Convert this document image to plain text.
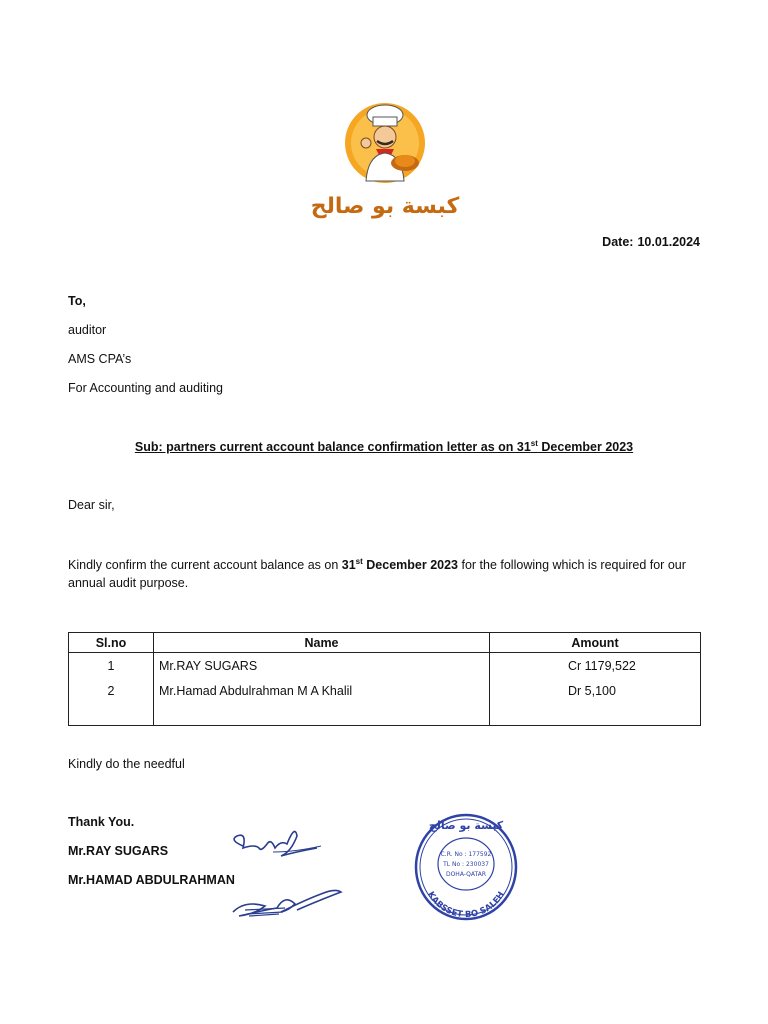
كبسة بو صالح
Date: 10.01.2024
To,
auditor
AMS CPA’s
For Accounting and auditing
Sub: partners current account balance confirmation letter as on 31st December 2023
Dear sir,
Kindly confirm the current account balance as on 31st December 2023 for the following which is required for our annual audit purpose.
Sl.no	Name	Amount
1	Mr.RAY SUGARS	Cr 1179,522
2	Mr.Hamad Abdulrahman M A Khalil	Dr 5,100

Kindly do the needful
Thank You.
Mr.RAY SUGARS
Mr.HAMAD ABDULRAHMAN
كبسة بو صالح
C.R. No : 177592
TL No : 230037
DOHA-QATAR
KABSSET BO SALEH
